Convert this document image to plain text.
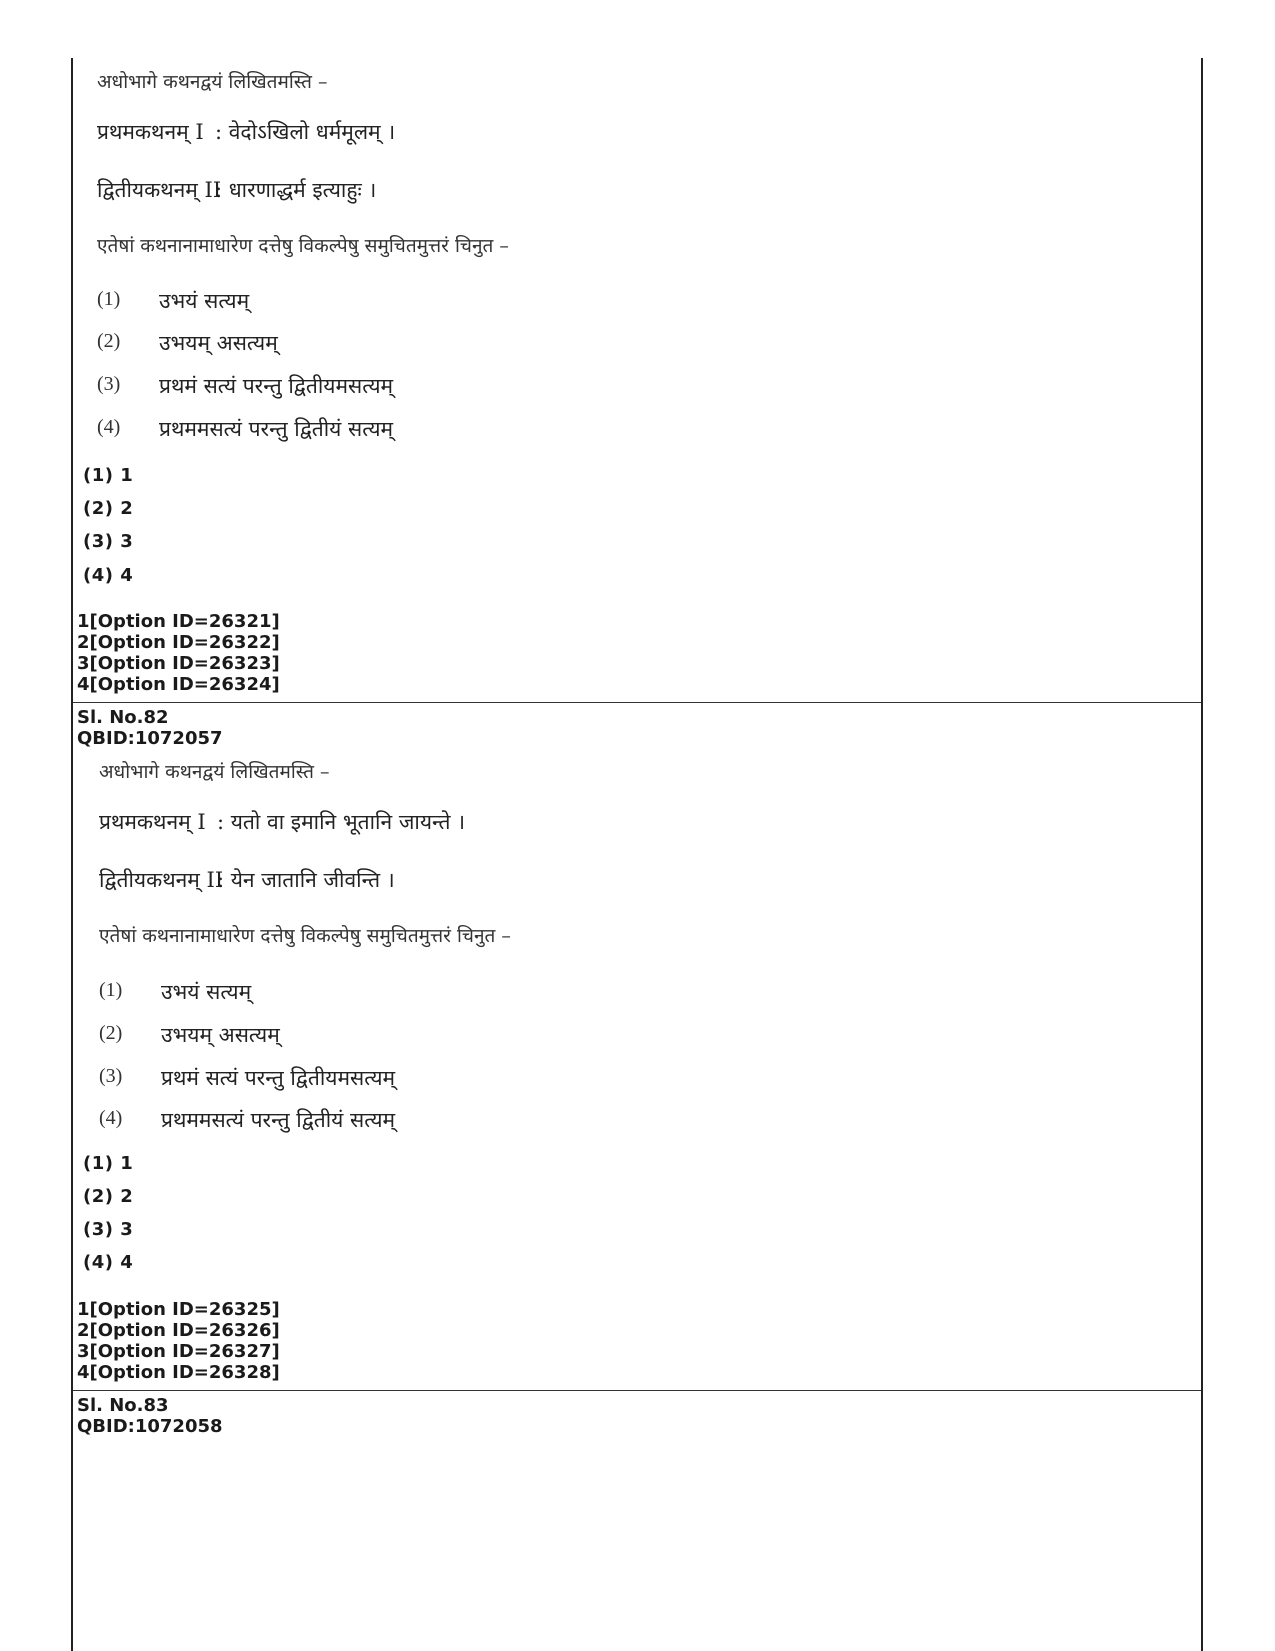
अधोभागे कथनद्वयं लिखितमस्ति –
प्रथमकथनम् I : वेदोऽखिलो धर्ममूलम् ।
द्वितीयकथनम् II
: धारणाद्धर्म इत्याहुः ।
एतेषां कथनानामाधारेण दत्तेषु विकल्पेषु समुचितमुत्तरं चिनुत –
(1) उभयं सत्यम्
(2) उभयम् असत्यम्
(3) प्रथमं सत्यं परन्तु द्वितीयमसत्यम्
(4) प्रथममसत्यं परन्तु द्वितीयं सत्यम्
(1) 1
(2) 2
(3) 3
(4) 4
1[Option ID=26321]
2[Option ID=26322]
3[Option ID=26323]
4[Option ID=26324]
Sl. No.82
QBID:1072057
अधोभागे कथनद्वयं लिखितमस्ति –
प्रथमकथनम् I : यतो वा इमानि भूतानि जायन्ते ।
द्वितीयकथनम् II
: येन जातानि जीवन्ति ।
एतेषां कथनानामाधारेण दत्तेषु विकल्पेषु समुचितमुत्तरं चिनुत –
(1) उभयं सत्यम्
(2) उभयम् असत्यम्
(3) प्रथमं सत्यं परन्तु द्वितीयमसत्यम्
(4) प्रथममसत्यं परन्तु द्वितीयं सत्यम्
(1) 1
(2) 2
(3) 3
(4) 4
1[Option ID=26325]
2[Option ID=26326]
3[Option ID=26327]
4[Option ID=26328]
Sl. No.83
QBID:1072058
